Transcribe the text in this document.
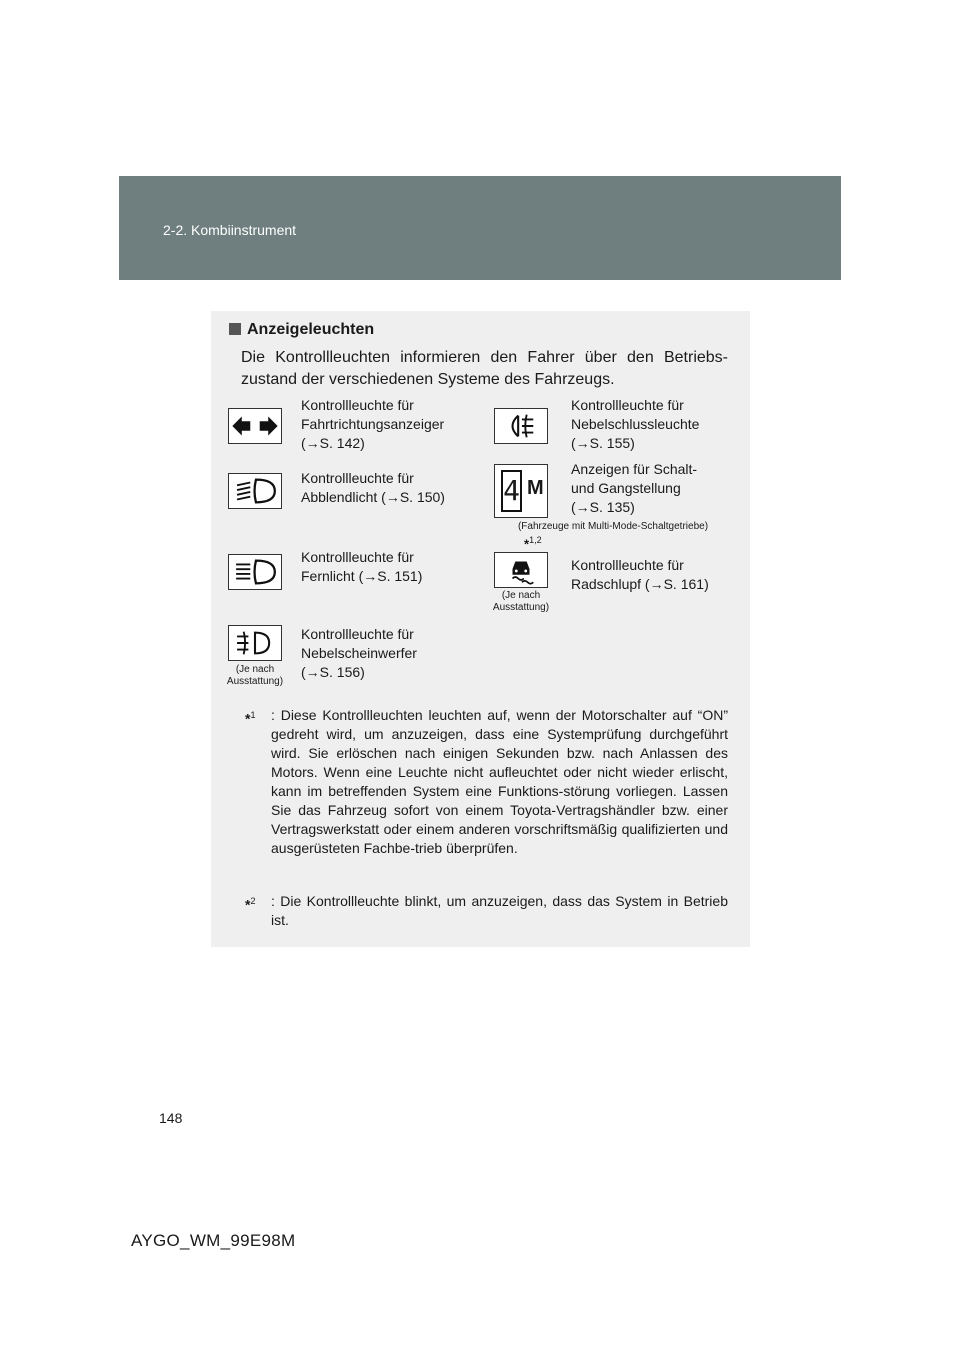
2-2. Kombiinstrument
Anzeigeleuchten
Die Kontrollleuchten informieren den Fahrer über den Betriebs-zustand der verschiedenen Systeme des Fahrzeugs.
Kontrollleuchte für
Fahrtrichtungsanzeiger
(→S. 142)
Kontrollleuchte für
Nebelschlussleuchte
(→S. 155)
Kontrollleuchte für
Abblendlicht (→S. 150) 4 M
Anzeigen für Schalt-
und Gangstellung
(→S. 135)
(Fahrzeuge mit Multi-Mode-Schaltgetriebe)
Kontrollleuchte für
Fernlicht (→S. 151)
*$^{1,2}$
(Je nach
Ausstattung)
Kontrollleuchte für
Radschlupf (→S. 161)
(Je nach
Ausstattung)
Kontrollleuchte für
Nebelscheinwerfer
(→S. 156)
*$^1$ : Diese Kontrollleuchten leuchten auf, wenn der Motorschalter auf “ON” gedreht wird, um anzuzeigen, dass eine Systemprüfung durchgeführt wird. Sie erlöschen nach einigen Sekunden bzw. nach Anlassen des Motors. Wenn eine Leuchte nicht aufleuchtet oder nicht wieder erlischt, kann im betreffenden System eine Funktions-störung vorliegen. Lassen Sie das Fahrzeug sofort von einem Toyota-Vertragshändler bzw. einer Vertragswerkstatt oder einem anderen vorschriftsmäßig qualifizierten und ausgerüsteten Fachbe-trieb überprüfen.
*$^2$ : Die Kontrollleuchte blinkt, um anzuzeigen, dass das System in Betrieb ist.
148
AYGO_WM_99E98M
